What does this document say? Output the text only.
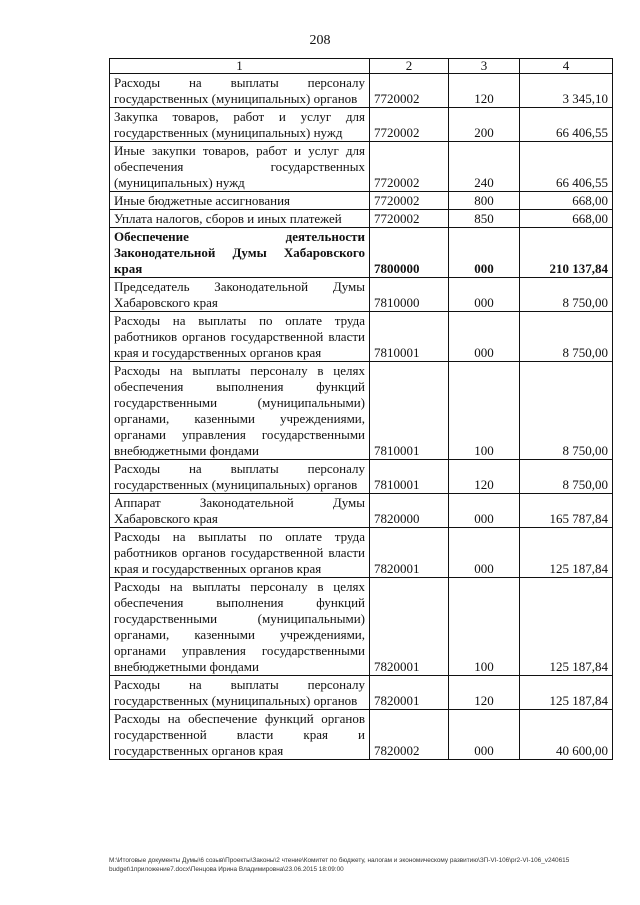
208
1	2	3	4
Расходы на выплаты персоналу государственных (муниципальных) органов	7720002	120	3 345,10
Закупка товаров, работ и услуг для государственных (муниципальных) нужд	7720002	200	66 406,55
Иные закупки товаров, работ и услуг для обеспечения государственных (муниципальных) нужд	7720002	240	66 406,55
Иные бюджетные ассигнования	7720002	800	668,00
Уплата налогов, сборов и иных платежей	7720002	850	668,00
Обеспечение деятельности Законодательной Думы Хабаровского края	7800000	000	210 137,84
Председатель Законодательной Думы Хабаровского края	7810000	000	8 750,00
Расходы на выплаты по оплате труда работников органов государственной власти края и государственных органов края	7810001	000	8 750,00
Расходы на выплаты персоналу в целях обеспечения выполнения функций государственными (муниципальными) органами, казенными учреждениями, органами управления государственными внебюджетными фондами	7810001	100	8 750,00
Расходы на выплаты персоналу государственных (муниципальных) органов	7810001	120	8 750,00
Аппарат Законодательной Думы Хабаровского края	7820000	000	165 787,84
Расходы на выплаты по оплате труда работников органов государственной власти края и государственных органов края	7820001	000	125 187,84
Расходы на выплаты персоналу в целях обеспечения выполнения функций государственными (муниципальными) органами, казенными учреждениями, органами управления государственными внебюджетными фондами	7820001	100	125 187,84
Расходы на выплаты персоналу государственных (муниципальных) органов	7820001	120	125 187,84
Расходы на обеспечение функций органов государственной власти края и государственных органов края	7820002	000	40 600,00
M:\Итоговые документы Думы\6 созыв\Проекты\Законы\2 чтение\Комитет по бюджету, налогам и экономическому развитию\ЗП-VI-106\pr2-VI-106_v240615 budget\1приложение7.docx\Пенцова Ирина Владимировна\23.06.2015 18:09:00
